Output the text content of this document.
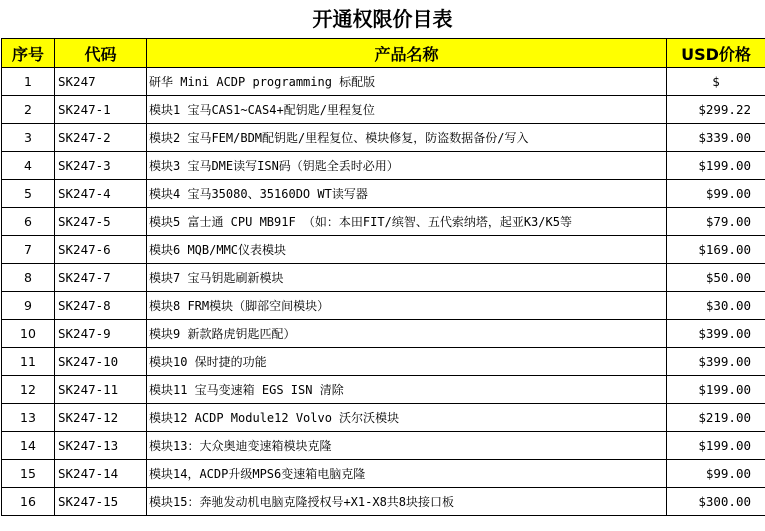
开通权限价目表
序号	代码	产品名称	USD价格
1	SK247	研华 Mini ACDP programming 标配版	$
2	SK247-1	模块1 宝马CAS1~CAS4+配钥匙/里程复位	$299.22
3	SK247-2	模块2 宝马FEM/BDM配钥匙/里程复位、模块修复，防盗数据备份/写入	$339.00
4	SK247-3	模块3 宝马DME读写ISN码（钥匙全丢时必用）	$199.00
5	SK247-4	模块4 宝马35080、35160DO WT读写器	$99.00
6	SK247-5	模块5 富士通 CPU MB91F （如：本田FIT/缤智、五代索纳塔，起亚K3/K5等	$79.00
7	SK247-6	模块6 MQB/MMC仪表模块	$169.00
8	SK247-7	模块7 宝马钥匙刷新模块	$50.00
9	SK247-8	模块8 FRM模块（脚部空间模块）	$30.00
10	SK247-9	模块9 新款路虎钥匙匹配）	$399.00
11	SK247-10	模块10 保时捷的功能	$399.00
12	SK247-11	模块11 宝马变速箱 EGS ISN 清除	$199.00
13	SK247-12	模块12 ACDP Module12 Volvo 沃尔沃模块	$219.00
14	SK247-13	模块13：大众奥迪变速箱模块克隆	$199.00
15	SK247-14	模块14，ACDP升级MPS6变速箱电脑克隆	$99.00
16	SK247-15	模块15：奔驰发动机电脑克隆授权号+X1-X8共8块接口板	$300.00
